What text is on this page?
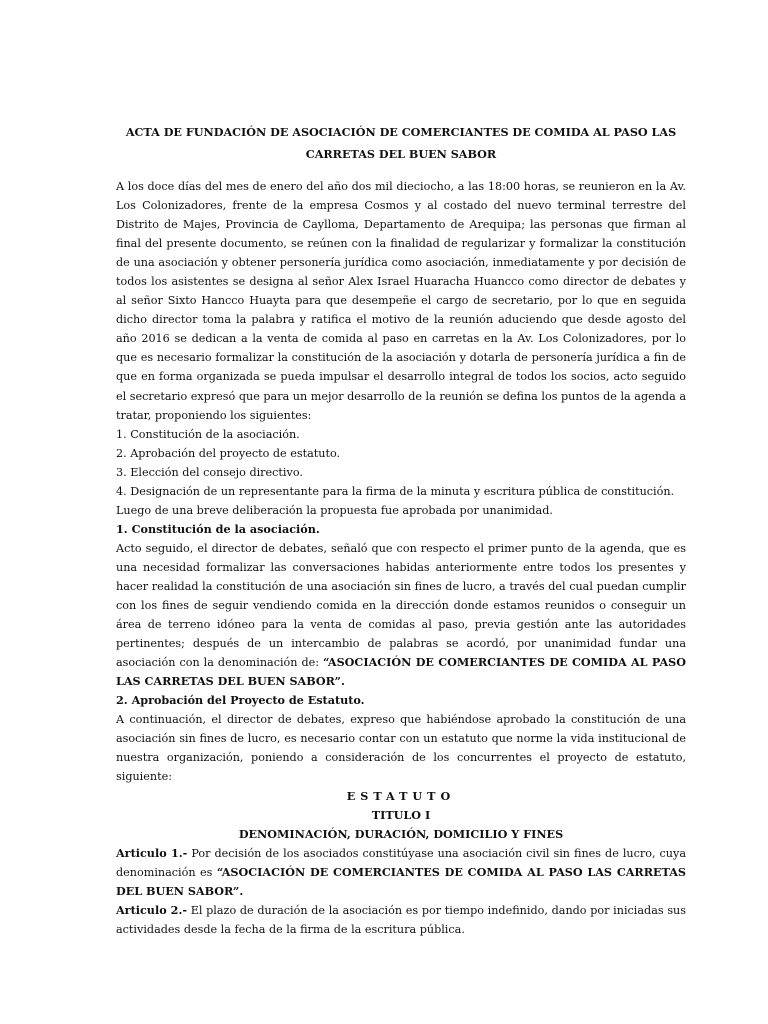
ACTA DE FUNDACIÓN DE ASOCIACIÓN DE COMERCIANTES DE COMIDA AL PASO LAS
CARRETAS DEL BUEN SABOR

A los doce días del mes de enero del año dos mil dieciocho, a las 18:00 horas, se reunieron en la Av. Los Colonizadores, frente de la empresa Cosmos y al costado del nuevo terminal terrestre del Distrito de Majes, Provincia de Caylloma, Departamento de Arequipa; las personas que firman al final del presente documento, se reúnen con la finalidad de regularizar y formalizar la constitución de una asociación y obtener personería jurídica como asociación, inmediatamente y por decisión de todos los asistentes se designa al señor Alex Israel Huaracha Huancco como director de debates y al señor Sixto Hancco Huayta para que desempeñe el cargo de secretario, por lo que en seguida dicho director toma la palabra y ratifica el motivo de la reunión aduciendo que desde agosto del año 2016 se dedican a la venta de comida al paso en carretas en la Av. Los Colonizadores, por lo que es necesario formalizar la constitución de la asociación y dotarla de personería jurídica a fin de que en forma organizada se pueda impulsar el desarrollo integral de todos los socios, acto seguido el secretario expresó que para un mejor desarrollo de la reunión se defina los puntos de la agenda a tratar, proponiendo los siguientes:

1. Constitución de la asociación.

2. Aprobación del proyecto de estatuto.

3. Elección del consejo directivo.

4. Designación de un representante para la firma de la minuta y escritura pública de constitución.

Luego de una breve deliberación la propuesta fue aprobada por unanimidad.

1. Constitución de la asociación.

Acto seguido, el director de debates, señaló que con respecto el primer punto de la agenda, que es una necesidad formalizar las conversaciones habidas anteriormente entre todos los presentes y hacer realidad la constitución de una asociación sin fines de lucro, a través del cual puedan cumplir con los fines de seguir vendiendo comida en la dirección donde estamos reunidos o conseguir un área de terreno idóneo para la venta de comidas al paso, previa gestión ante las autoridades pertinentes; después de un intercambio de palabras se acordó, por unanimidad fundar una asociación con la denominación de: “ASOCIACIÓN DE COMERCIANTES DE COMIDA AL PASO LAS CARRETAS DEL BUEN SABOR”.

2. Aprobación del Proyecto de Estatuto.

A continuación, el director de debates, expreso que habiéndose aprobado la constitución de una asociación sin fines de lucro, es necesario contar con un estatuto que norme la vida institucional de nuestra organización, poniendo a consideración de los concurrentes el proyecto de estatuto, siguiente:

ESTATUTO

TITULO I

DENOMINACIÓN, DURACIÓN, DOMICILIO Y FINES

Articulo 1.- Por decisión de los asociados constitúyase una asociación civil sin fines de lucro, cuya denominación es “ASOCIACIÓN DE COMERCIANTES DE COMIDA AL PASO LAS CARRETAS DEL BUEN SABOR”.

Articulo 2.- El plazo de duración de la asociación es por tiempo indefinido, dando por iniciadas sus actividades desde la fecha de la firma de la escritura pública.
